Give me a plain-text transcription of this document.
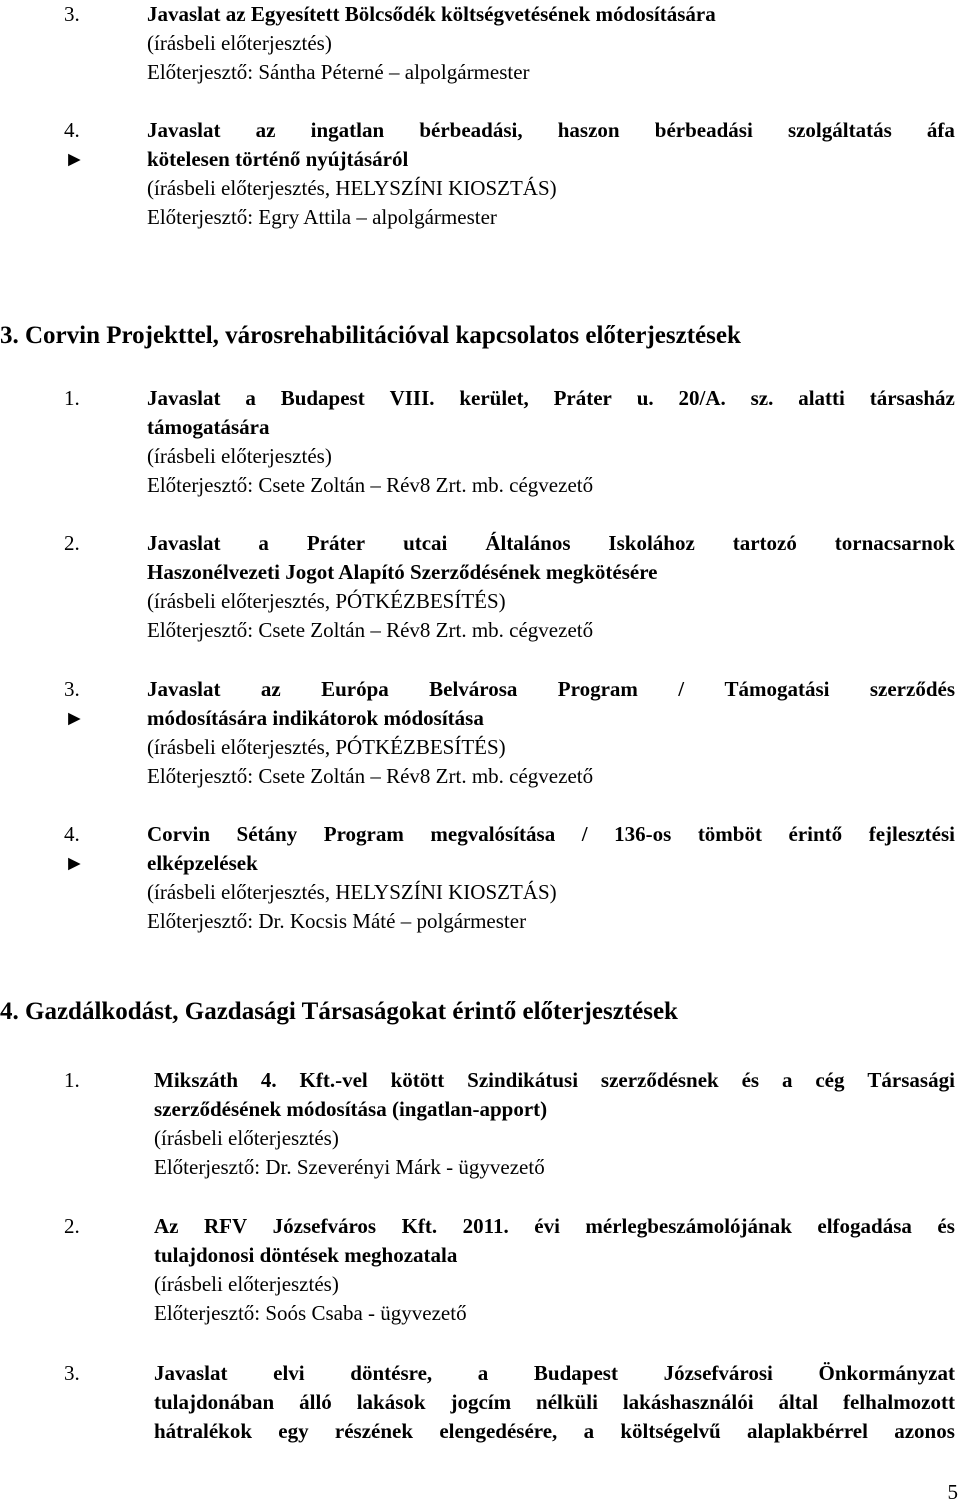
3.	Javaslat az Egyesített Bölcsődék költségvetésének módosítására
(írásbeli előterjesztés)
Előterjesztő: Sántha Péterné – alpolgármester
4.
►
Javaslat az ingatlan bérbeadási, haszon bérbeadási szolgáltatás áfa
kötelesen történő nyújtásáról
(írásbeli előterjesztés, HELYSZÍNI KIOSZTÁS)
Előterjesztő: Egry Attila – alpolgármester
3. Corvin Projekttel, városrehabilitációval kapcsolatos előterjesztések
1.	Javaslat a Budapest VIII. kerület, Práter u. 20/A. sz. alatti társasház
támogatására
(írásbeli előterjesztés)
Előterjesztő: Csete Zoltán – Rév8 Zrt. mb. cégvezető
2.	Javaslat a Práter utcai Általános Iskolához tartozó tornacsarnok
Haszonélvezeti Jogot Alapító Szerződésének megkötésére
(írásbeli előterjesztés, PÓTKÉZBESÍTÉS)
Előterjesztő: Csete Zoltán – Rév8 Zrt. mb. cégvezető
3.
►
Javaslat az Európa Belvárosa Program / Támogatási szerződés
módosítására indikátorok módosítása
(írásbeli előterjesztés, PÓTKÉZBESÍTÉS)
Előterjesztő: Csete Zoltán – Rév8 Zrt. mb. cégvezető
4.
►
Corvin Sétány Program megvalósítása / 136-os tömböt érintő fejlesztési
elképzelések
(írásbeli előterjesztés, HELYSZÍNI KIOSZTÁS)
Előterjesztő: Dr. Kocsis Máté – polgármester
4. Gazdálkodást, Gazdasági Társaságokat érintő előterjesztések
1.	Mikszáth 4. Kft.-vel kötött Szindikátusi szerződésnek és a cég Társasági
szerződésének módosítása (ingatlan-apport)
(írásbeli előterjesztés)
Előterjesztő: Dr. Szeverényi Márk - ügyvezető
2.	Az RFV Józsefváros Kft. 2011. évi mérlegbeszámolójának elfogadása és
tulajdonosi döntések meghozatala
(írásbeli előterjesztés)
Előterjesztő: Soós Csaba - ügyvezető
3.	Javaslat elvi döntésre, a Budapest Józsefvárosi Önkormányzat
tulajdonában álló lakások jogcím nélküli lakáshasználói által felhalmozott
hátralékok egy részének elengedésére, a költségelvű alaplakbérrel azonos
5
